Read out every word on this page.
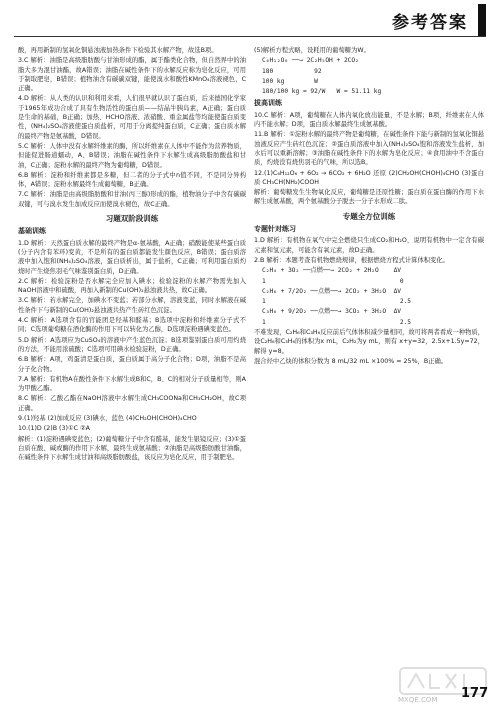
参考答案

酸，再用新制的氢氧化铜悬浊液加热条件下检验其水解产物，故选B项。

3.C 解析：油脂是高级脂肪酸与甘油形成的酯，属于酯类化合物，但自然界中的油脂大多为混甘油酯，故A错误；油脂在碱性条件下的水解反应称为皂化反应，可用于制取肥皂，B错误；植物油含有碳碳双键，能使溴水和酸性KMnO₄溶液褪色，C正确。

4.D 解析：从人类的认识和利用来看，人们很早就认识了蛋白质，后来德国化学家于1965年成功合成了具有生物活性的蛋白质——结晶牛胰岛素，A正确；蛋白质是生命的基础，B正确；加热、HCHO溶液、浓硝酸、重金属盐等均能使蛋白质变性，(NH₄)₂SO₄溶液使蛋白质盐析，可用于分离提纯蛋白质，C正确；蛋白质水解的最终产物是氨基酸，D错误。

5.C 解析：人体中没有水解纤维素的酶，所以纤维素在人体中不能作为营养物质，但能促进肠道蠕动，A、B错误；油脂在碱性条件下水解生成高级脂肪酸盐和甘油，C正确；淀粉水解的最终产物为葡萄糖，D错误。

6.B 解析：淀粉和纤维素都是多糖，但二者的分子式中n值不同，不是同分异构体，A错误；淀粉水解最终生成葡萄糖，B正确。

7.C 解析：油脂是由高级脂肪酸和甘油(丙三醇)形成的酯，植物油分子中含有碳碳双键，可与溴水发生加成反应而使溴水褪色，故C正确。

习题双阶段训练
基础训练

1.D 解析：天然蛋白质水解的最终产物是α-氨基酸，A正确；硝酸能使某些蛋白质(分子内含有苯环)变黄，不是所有的蛋白质都能发生颜色反应，B错误；蛋白质溶液中加入饱和(NH₄)₂SO₄溶液，蛋白质析出，属于盐析，C正确；可利用蛋白质灼烧时产生烧焦羽毛气味鉴别蛋白质，D正确。

2.C 解析：检验淀粉是否水解完全应加入碘水；检验淀粉的水解产物需先加入NaOH溶液中和硫酸，再加入新制的Cu(OH)₂悬浊液共热，故C正确。

3.C 解析：若水解完全，加碘水不变蓝；若部分水解，溶液变蓝，同时水解液在碱性条件下与新制的Cu(OH)₂悬浊液共热产生砖红色沉淀。

4.C 解析：A选项含有的官能团是羟基和醛基；B选项中淀粉和纤维素分子式不同；C选项葡萄糖在酒化酶的作用下可以转化为乙醇，D选项淀粉遇碘变蓝色。

5.D 解析：A选项应为CuSO₄的溶液中产生蓝色沉淀；B选项鉴别蛋白质可用灼烧的方法，不能用浓硫酸；C选项可用碘水检验淀粉，D正确。

6.B 解析：A项，鸡蛋清是蛋白质，蛋白质属于高分子化合物；D项，油脂不是高分子化合物。

7.A 解析：有机物A在酸性条件下水解生成B和C，B、C的相对分子质量相等，则A为甲酸乙酯。

8.C 解析：乙酸乙酯在NaOH溶液中水解生成CH₃COONa和CH₃CH₂OH，故C项正确。

9.(1)羟基 (2)加成反应 (3)碘水，蓝色 (4)CH₂OH(CHOH)₄CHO

10.(1)D (2)B (3)①C ②A

解析：(1)淀粉遇碘变蓝色；(2)葡萄糖分子中含有醛基，能发生银镜反应；(3)①蛋白质在酸、碱或酶的作用下水解，最终生成氨基酸；②油脂是高级脂肪酸甘油酯，在碱性条件下水解生成甘油和高级脂肪酸盐，该反应为皂化反应，用于制肥皂。

(5)解析方程式略，设耗用的葡萄糖为W。

C₆H₁₂O₆ ──→ 2C₂H₅OH + 2CO₂
180           92
100 kg        W
180/100 kg = 92/W   W = 51.11 kg
拔高训练

10.C 解析：A项，葡萄糖在人体内氧化放出能量，不是水解；B项，纤维素在人体内不能水解；D项，蛋白质水解最终生成氨基酸。

11.B 解析：①淀粉水解的最终产物是葡萄糖，在碱性条件下能与新制的氢氧化铜悬浊液反应产生砖红色沉淀；②蛋白质溶液中加入(NH₄)₂SO₄饱和溶液发生盐析，加水后可以重新溶解；③油脂在碱性条件下的水解为皂化反应；④食用油中不含蛋白质，灼烧没有烧焦羽毛的气味，所以选B。

12.(1)C₆H₁₂O₆ + 6O₂ → 6CO₂ + 6H₂O 还原 (2)CH₂OH(CHOH)₄CHO (3)蛋白质 CH₃CH(NH₂)COOH

解析：葡萄糖发生生物氧化反应，葡萄糖是还原性糖；蛋白质在蛋白酶的作用下水解生成氨基酸，两个氨基酸分子脱去一分子水形成二肽。

专题全方位训练
专题针对练习

1.D 解析：有机物在氧气中完全燃烧只生成CO₂和H₂O，说明有机物中一定含有碳元素和氢元素，可能含有氧元素，故D正确。

2.B 解析：本题考查有机物燃烧规律，根据燃烧方程式计算体积变化。

C₂H₄ + 3O₂ ──点燃──→ 2CO₂ + 2H₂O    ΔV
1                                    0
C₂H₆ + 7/2O₂ ──点燃──→ 2CO₂ + 3H₂O  ΔV
1                                    2.5
C₃H₆ + 9/2O₂ ──点燃──→ 3CO₂ + 3H₂O  ΔV
1                                    2.5

不难发现，C₂H₆和C₃H₆反应前后气体体积减少量相同，故可将两者看成一种物质，设C₂H₆和C₃H₆的体积为x mL，C₂H₂为y mL，则有 x+y=32，2.5x+1.5y=72，解得 y=8。

混合烃中乙炔的体积分数为 8 mL/32 mL ×100% = 25%，B正确。

MXQE.COM 177
